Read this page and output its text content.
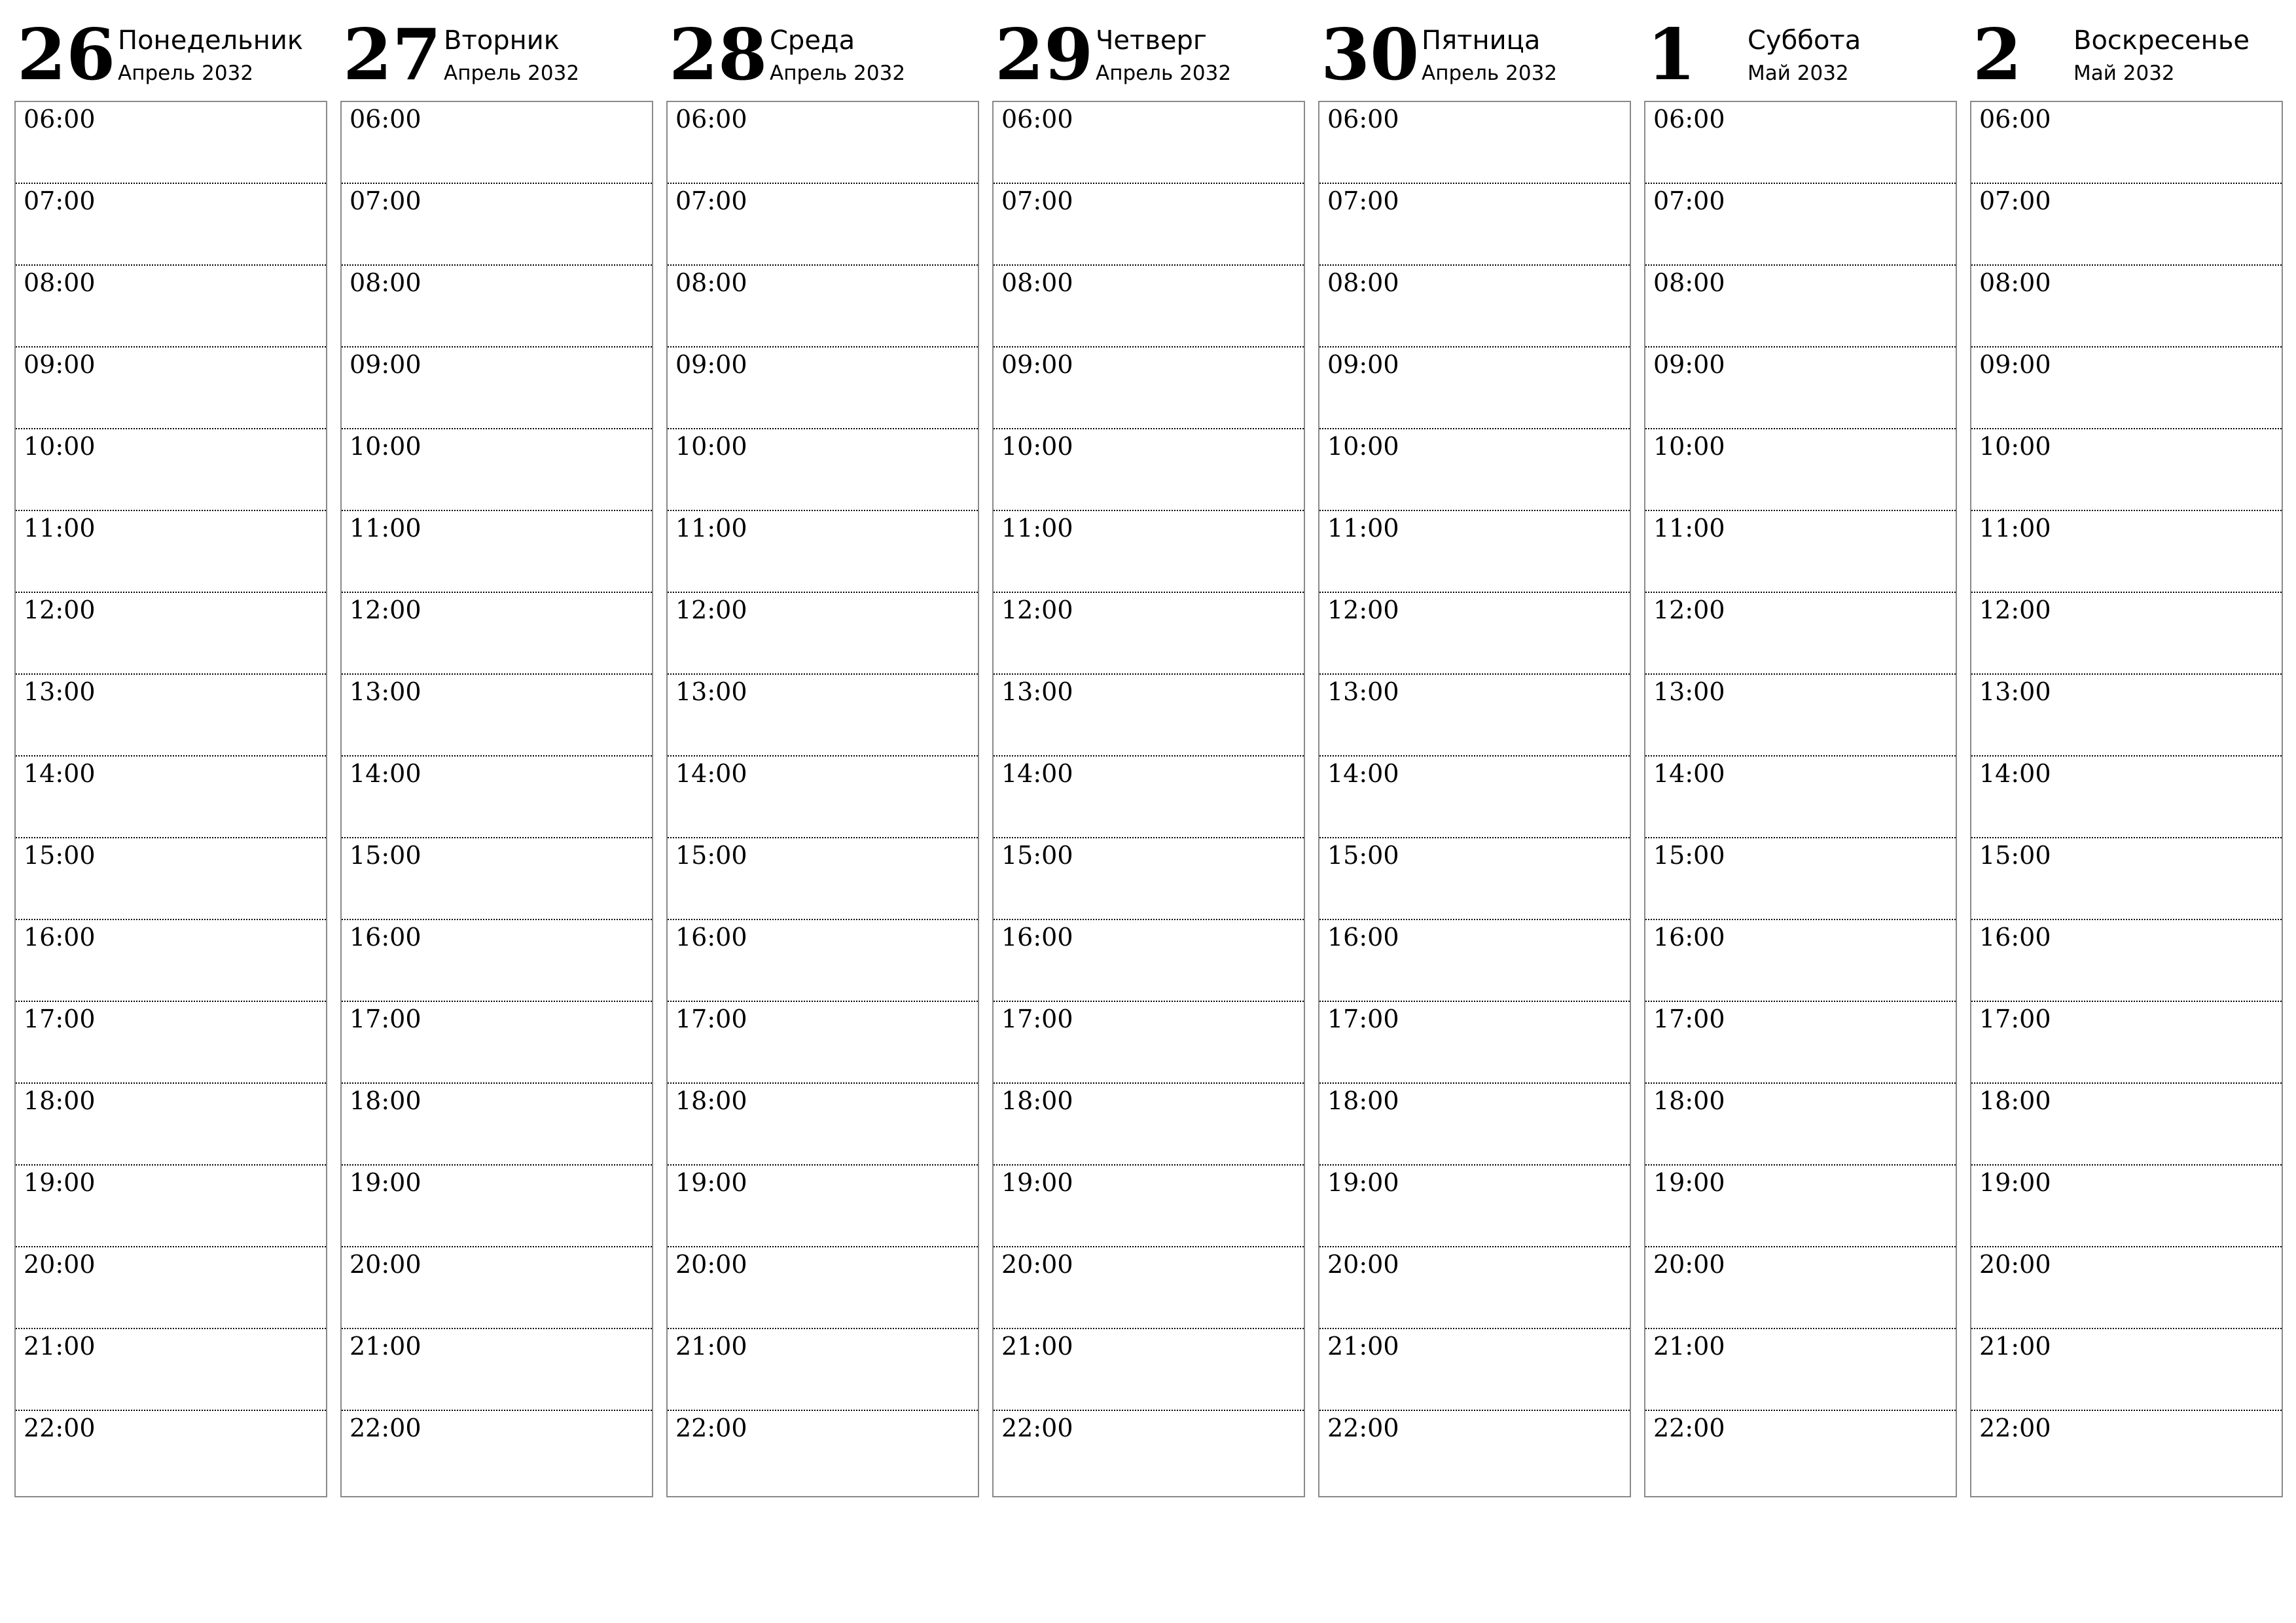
26 Понедельник
Апрель 2032
06:00
07:00
08:00
09:00
10:00
11:00
12:00
13:00
14:00
15:00
16:00
17:00
18:00
19:00
20:00
21:00
22:00
27 Вторник
Апрель 2032
06:00
07:00
08:00
09:00
10:00
11:00
12:00
13:00
14:00
15:00
16:00
17:00
18:00
19:00
20:00
21:00
22:00
28 Среда
Апрель 2032
06:00
07:00
08:00
09:00
10:00
11:00
12:00
13:00
14:00
15:00
16:00
17:00
18:00
19:00
20:00
21:00
22:00
29 Четверг
Апрель 2032
06:00
07:00
08:00
09:00
10:00
11:00
12:00
13:00
14:00
15:00
16:00
17:00
18:00
19:00
20:00
21:00
22:00
30 Пятница
Апрель 2032
06:00
07:00
08:00
09:00
10:00
11:00
12:00
13:00
14:00
15:00
16:00
17:00
18:00
19:00
20:00
21:00
22:00
1 Суббота
Май 2032
06:00
07:00
08:00
09:00
10:00
11:00
12:00
13:00
14:00
15:00
16:00
17:00
18:00
19:00
20:00
21:00
22:00
2 Воскресенье
Май 2032
06:00
07:00
08:00
09:00
10:00
11:00
12:00
13:00
14:00
15:00
16:00
17:00
18:00
19:00
20:00
21:00
22:00
